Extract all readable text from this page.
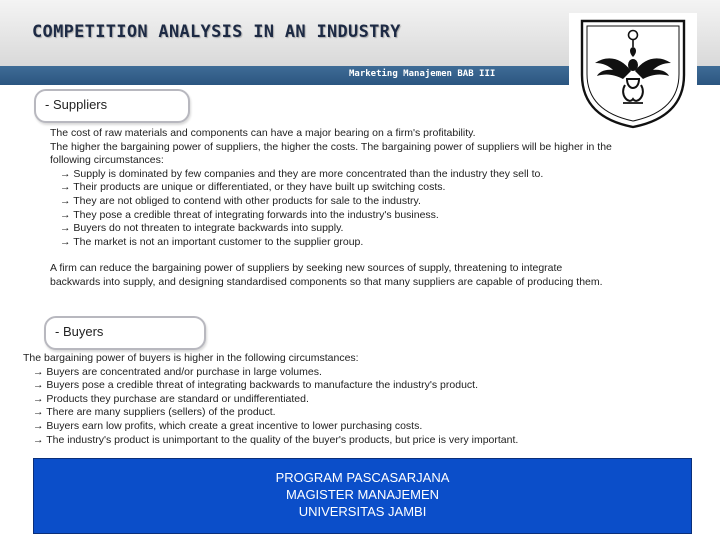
COMPETITION ANALYSIS IN AN INDUSTRY
Marketing Manajemen BAB III
- Suppliers

The cost of raw materials and components can have a major bearing on a firm's profitability.

The higher the bargaining power of suppliers, the higher the costs. The bargaining power of suppliers will be higher in the

following circumstances:

→ Supply is dominated by few companies and they are more concentrated than the industry they sell to.

→ Their products are unique or differentiated, or they have built up switching costs.

→ They are not obliged to contend with other products for sale to the industry.

→ They pose a credible threat of integrating forwards into the industry's business.

→ Buyers do not threaten to integrate backwards into supply.

→ The market is not an important customer to the supplier group.

A firm can reduce the bargaining power of suppliers by seeking new sources of supply, threatening to integrate

backwards into supply, and designing standardised components so that many suppliers are capable of producing them.

- Buyers

The bargaining power of buyers is higher in the following circumstances:

→ Buyers are concentrated and/or purchase in large volumes.

→ Buyers pose a credible threat of integrating backwards to manufacture the industry's product.

→ Products they purchase are standard or undifferentiated.

→ There are many suppliers (sellers) of the product.

→ Buyers earn low profits, which create a great incentive to lower purchasing costs.

→ The industry's product is unimportant to the quality of the buyer's products, but price is very important.

PROGRAM PASCASARJANA
MAGISTER MANAJEMEN
UNIVERSITAS JAMBI
